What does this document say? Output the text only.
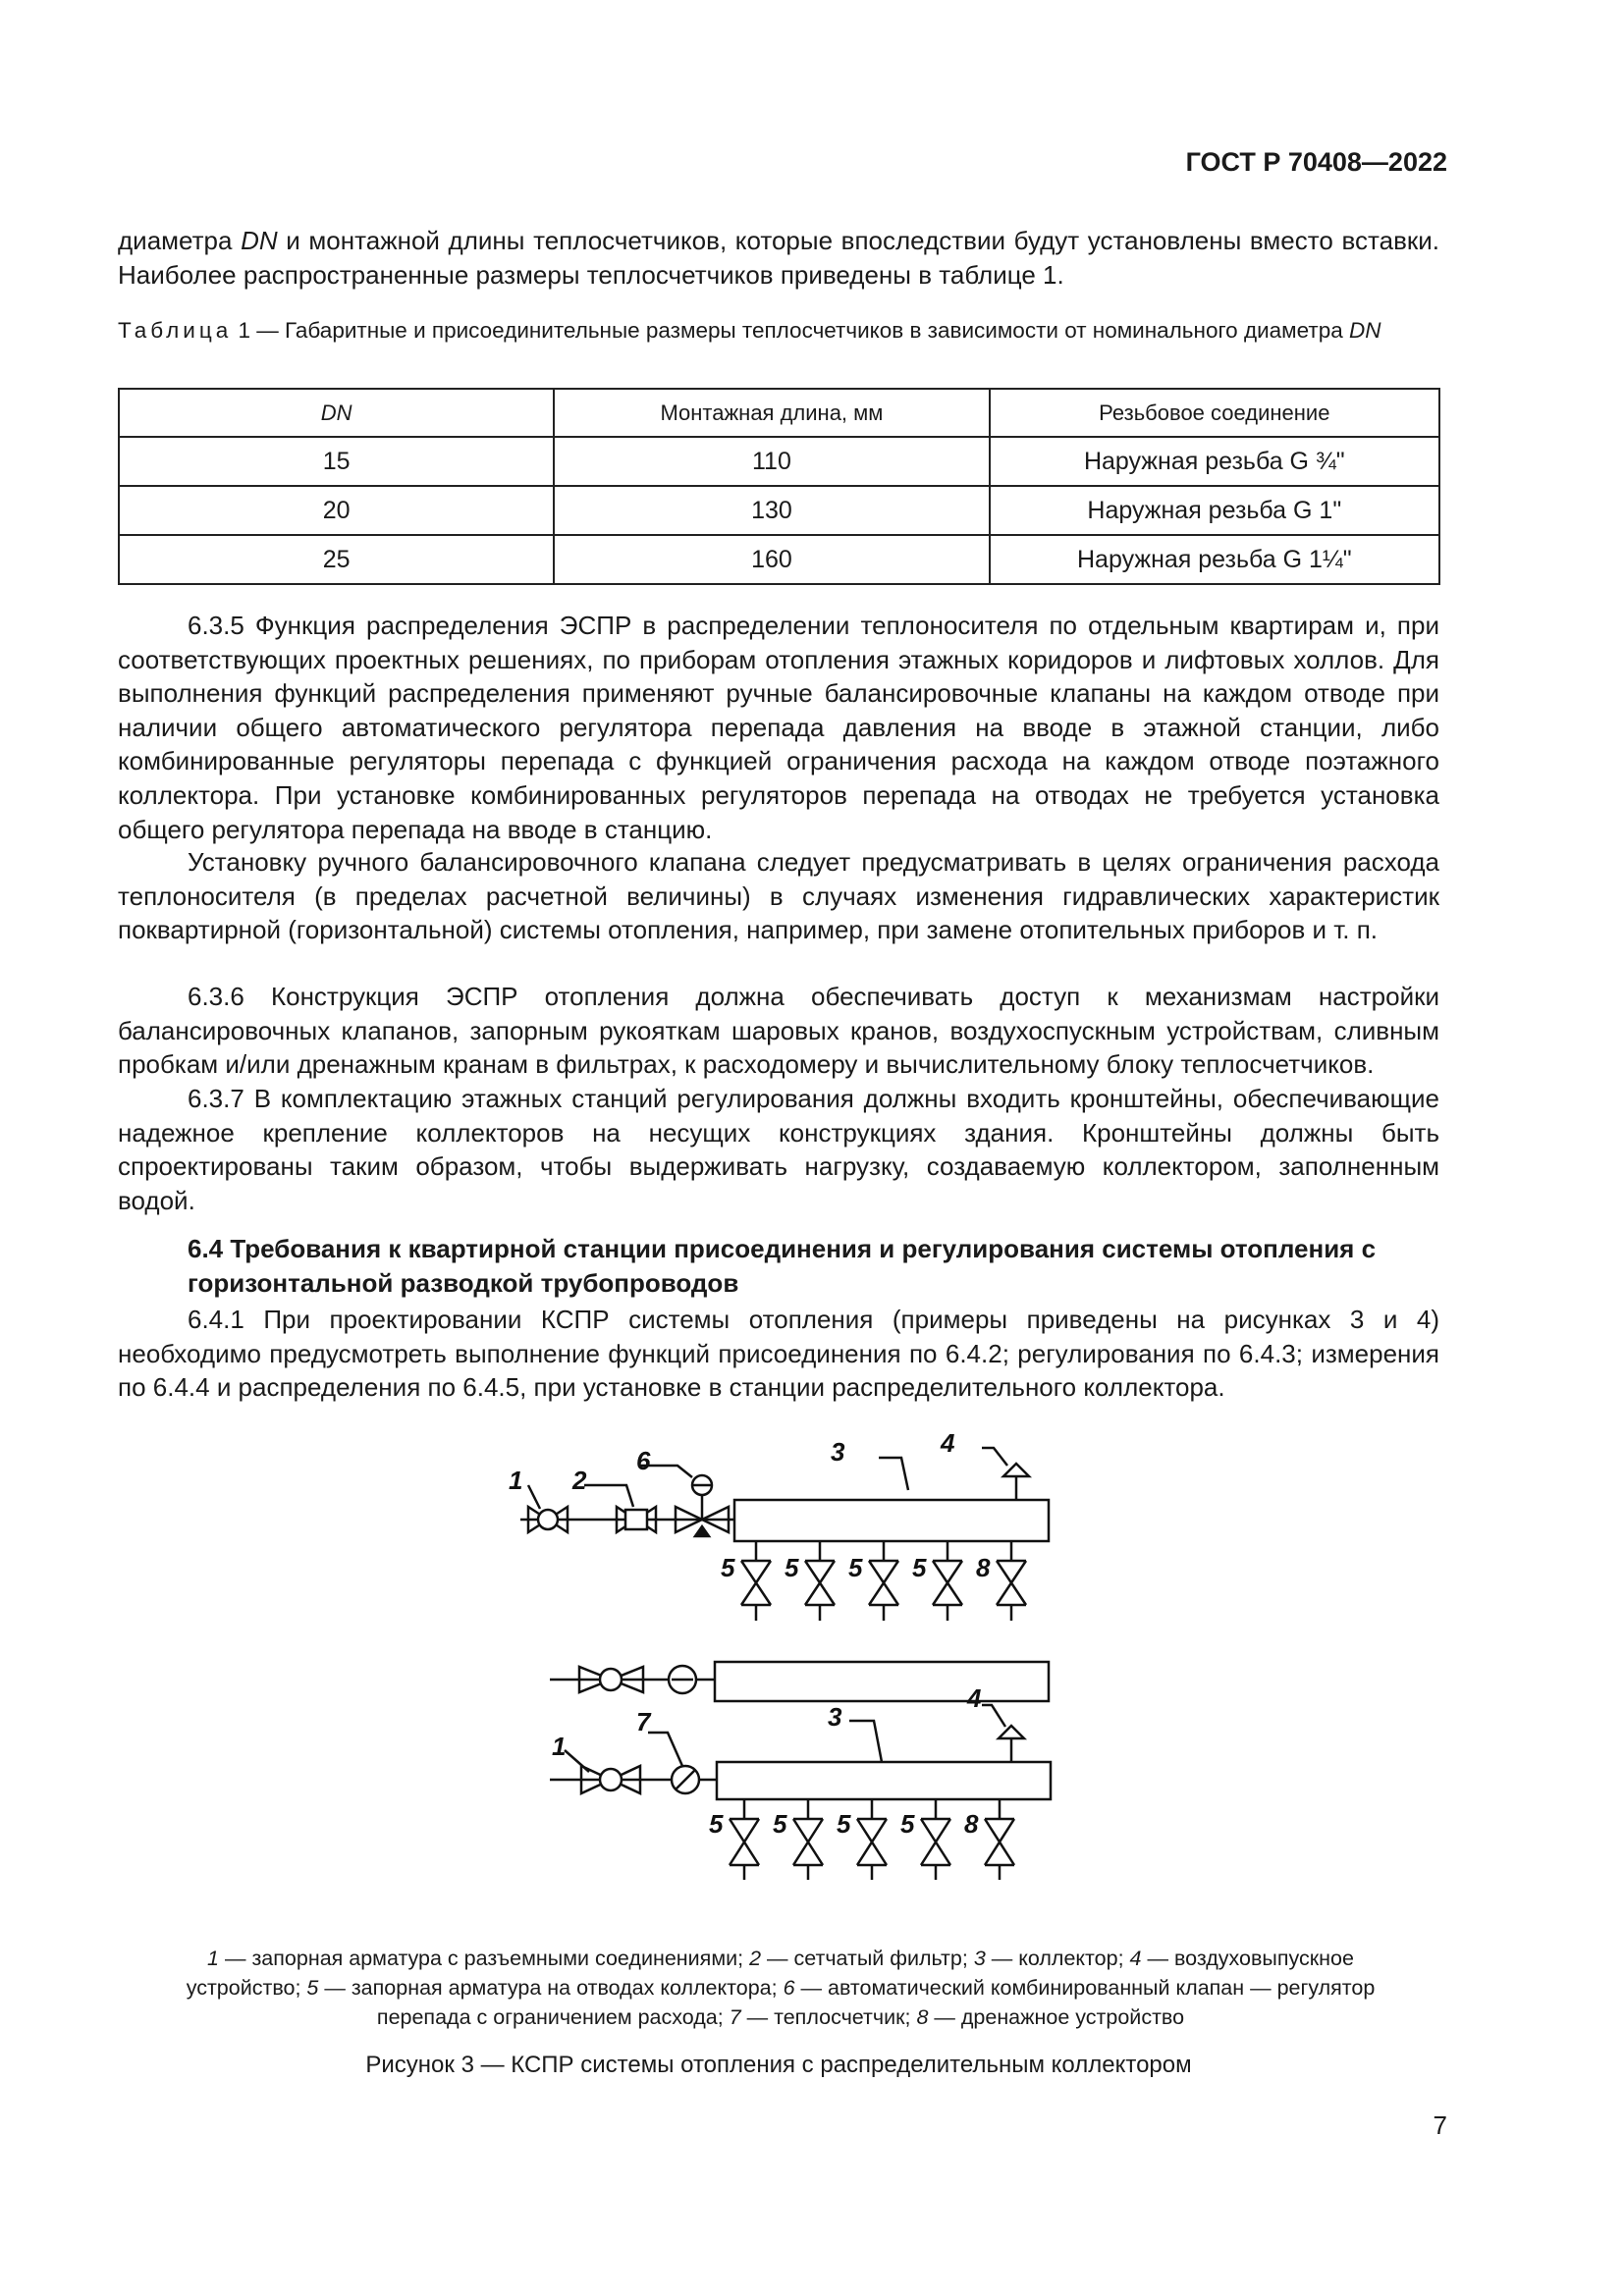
ГОСТ Р 70408—2022

диаметра DN и монтажной длины теплосчетчиков, которые впоследствии будут установлены вместо вставки. Наиболее распространенные размеры теплосчетчиков приведены в таблице 1.

Таблица 1 — Габаритные и присоединительные размеры теплосчетчиков в зависимости от номинального диаметра DN

DN	Монтажная длина, мм	Резьбовое соединение
15	110	Наружная резьба G ¾"
20	130	Наружная резьба G 1"
25	160	Наружная резьба G 1¼"

6.3.5 Функция распределения ЭСПР в распределении теплоносителя по отдельным квартирам и, при соответствующих проектных решениях, по приборам отопления этажных коридоров и лифтовых холлов. Для выполнения функций распределения применяют ручные балансировочные клапаны на каждом отводе при наличии общего автоматического регулятора перепада давления на вводе в этажной станции, либо комбинированные регуляторы перепада с функцией ограничения расхода на каждом отводе поэтажного коллектора. При установке комбинированных регуляторов перепада на отводах не требуется установка общего регулятора перепада на вводе в станцию.

Установку ручного балансировочного клапана следует предусматривать в целях ограничения расхода теплоносителя (в пределах расчетной величины) в случаях изменения гидравлических характеристик поквартирной (горизонтальной) системы отопления, например, при замене отопительных приборов и т. п.

6.3.6 Конструкция ЭСПР отопления должна обеспечивать доступ к механизмам настройки балансировочных клапанов, запорным рукояткам шаровых кранов, воздухоспускным устройствам, сливным пробкам и/или дренажным кранам в фильтрах, к расходомеру и вычислительному блоку теплосчетчиков.

6.3.7 В комплектацию этажных станций регулирования должны входить кронштейны, обеспечивающие надежное крепление коллекторов на несущих конструкциях здания. Кронштейны должны быть спроектированы таким образом, чтобы выдерживать нагрузку, создаваемую коллектором, заполненным водой.

6.4 Требования к квартирной станции присоединения и регулирования системы отопления с горизонтальной разводкой трубопроводов

6.4.1 При проектировании КСПР системы отопления (примеры приведены на рисунках 3 и 4) необходимо предусмотреть выполнение функций присоединения по 6.4.2; регулирования по 6.4.3; измерения по 6.4.4 и распределения по 6.4.5, при установке в станции распределительного коллектора.

1
7	3
4
5 5 5 5 8
1 2
6	3	4
5 5 5 5 8

1 — запорная арматура с разъемными соединениями; 2 — сетчатый фильтр; 3 — коллектор; 4 — воздуховыпускное устройство; 5 — запорная арматура на отводах коллектора; 6 — автоматический комбинированный клапан — регулятор перепада с ограничением расхода; 7 — теплосчетчик; 8 — дренажное устройство

Рисунок 3 — КСПР системы отопления с распределительным коллектором

7
